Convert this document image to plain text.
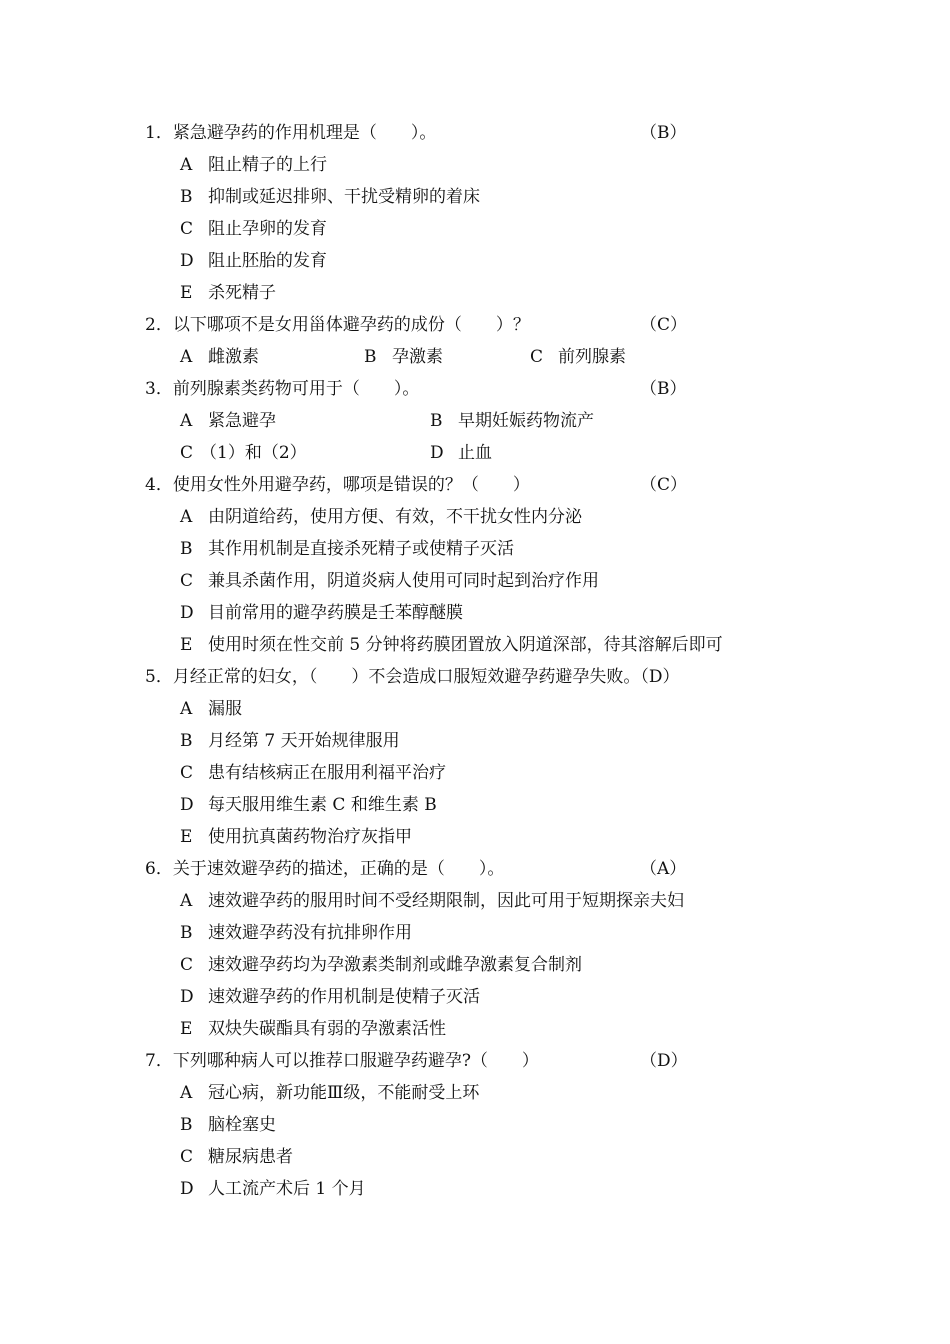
1．紧急避孕药的作用机理是（　　）。	（B）
A 阻止精子的上行
B 抑制或延迟排卵、干扰受精卵的着床
C 阻止孕卵的发育
D 阻止胚胎的发育
E 杀死精子
2．以下哪项不是女用甾体避孕药的成份（　　）？	（C）
A 雌激素	B 孕激素	C 前列腺素
3．前列腺素类药物可用于（　　）。	（B）
A 紧急避孕	B 早期妊娠药物流产
C （1）和（2）	D 止血
4．使用女性外用避孕药，哪项是错误的？（　　）	（C）
A 由阴道给药，使用方便、有效，不干扰女性内分泌
B 其作用机制是直接杀死精子或使精子灭活
C 兼具杀菌作用，阴道炎病人使用可同时起到治疗作用
D 目前常用的避孕药膜是壬苯醇醚膜
E 使用时须在性交前 5 分钟将药膜团置放入阴道深部，待其溶解后即可
5．月经正常的妇女，（　　）不会造成口服短效避孕药避孕失败。（D）
A 漏服
B 月经第 7 天开始规律服用
C 患有结核病正在服用利福平治疗
D 每天服用维生素 C 和维生素 B
E 使用抗真菌药物治疗灰指甲
6．关于速效避孕药的描述，正确的是（　　）。	（A）
A 速效避孕药的服用时间不受经期限制，因此可用于短期探亲夫妇
B 速效避孕药没有抗排卵作用
C 速效避孕药均为孕激素类制剂或雌孕激素复合制剂
D 速效避孕药的作用机制是使精子灭活
E 双炔失碳酯具有弱的孕激素活性
7．下列哪种病人可以推荐口服避孕药避孕?（　　）	（D）
A 冠心病，新功能Ⅲ级，不能耐受上环
B 脑栓塞史
C 糖尿病患者
D 人工流产术后 1 个月
